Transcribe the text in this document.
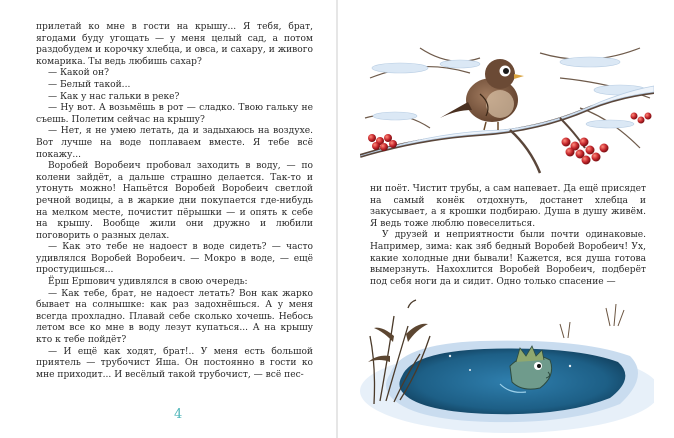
прилетай ко мне в гости на крышу... Я тебя, брат, ягодами буду угощать — у меня целый сад, а потом раздобудем и корочку хлебца, и овса, и сахару, и живого комарика. Ты ведь любишь сахар?

— Какой он?

— Белый такой...

— Как у нас гальки в реке?

— Ну вот. А возьмёшь в рот — сладко. Твою гальку не съешь. Полетим сейчас на крышу?

— Нет, я не умею летать, да и задыхаюсь на воздухе. Вот лучше на воде поплаваем вместе. Я тебе всё покажу...

Воробей Воробеич пробовал заходить в воду, — по колени зайдёт, а дальше страшно делается. Так-то и утонуть можно! Напьётся Воробей Воробеич светлой речной водицы, а в жаркие дни покупается где-нибудь на мелком месте, почистит пёрышки — и опять к себе на крышу. Вообще жили они дружно и любили поговорить о разных делах.

— Как это тебе не надоест в воде сидеть? — часто удивлялся Воробей Воробеич. — Мокро в воде, — ещё простудишься...

Ёрш Ершович удивлялся в свою очередь:

— Как тебе, брат, не надоест летать? Вон как жарко бывает на солнышке: как раз задохнёшься. А у меня всегда прохладно. Плавай себе сколько хочешь. Небось летом все ко мне в воду лезут купаться... А на крышу кто к тебе пойдёт?

— И ещё как ходят, брат!.. У меня есть большой приятель — трубочист Яша. Он постоянно в гости ко мне приходит... И весёлый такой трубочист, — всё пес-

4

ни поёт. Чистит трубы, а сам напевает. Да ещё присядет на самый конёк отдохнуть, достанет хлебца и закусывает, а я крошки подбираю. Душа в душу живём. Я ведь тоже люблю повеселиться.

У друзей и неприятности были почти одинаковые. Например, зима: как зяб бедный Воробей Воробеич! Ух, какие холодные дни бывали! Кажется, вся душа готова вымерзнуть. Нахохлится Воробей Воробеич, подберёт под себя ноги да и сидит. Одно только спасение —
